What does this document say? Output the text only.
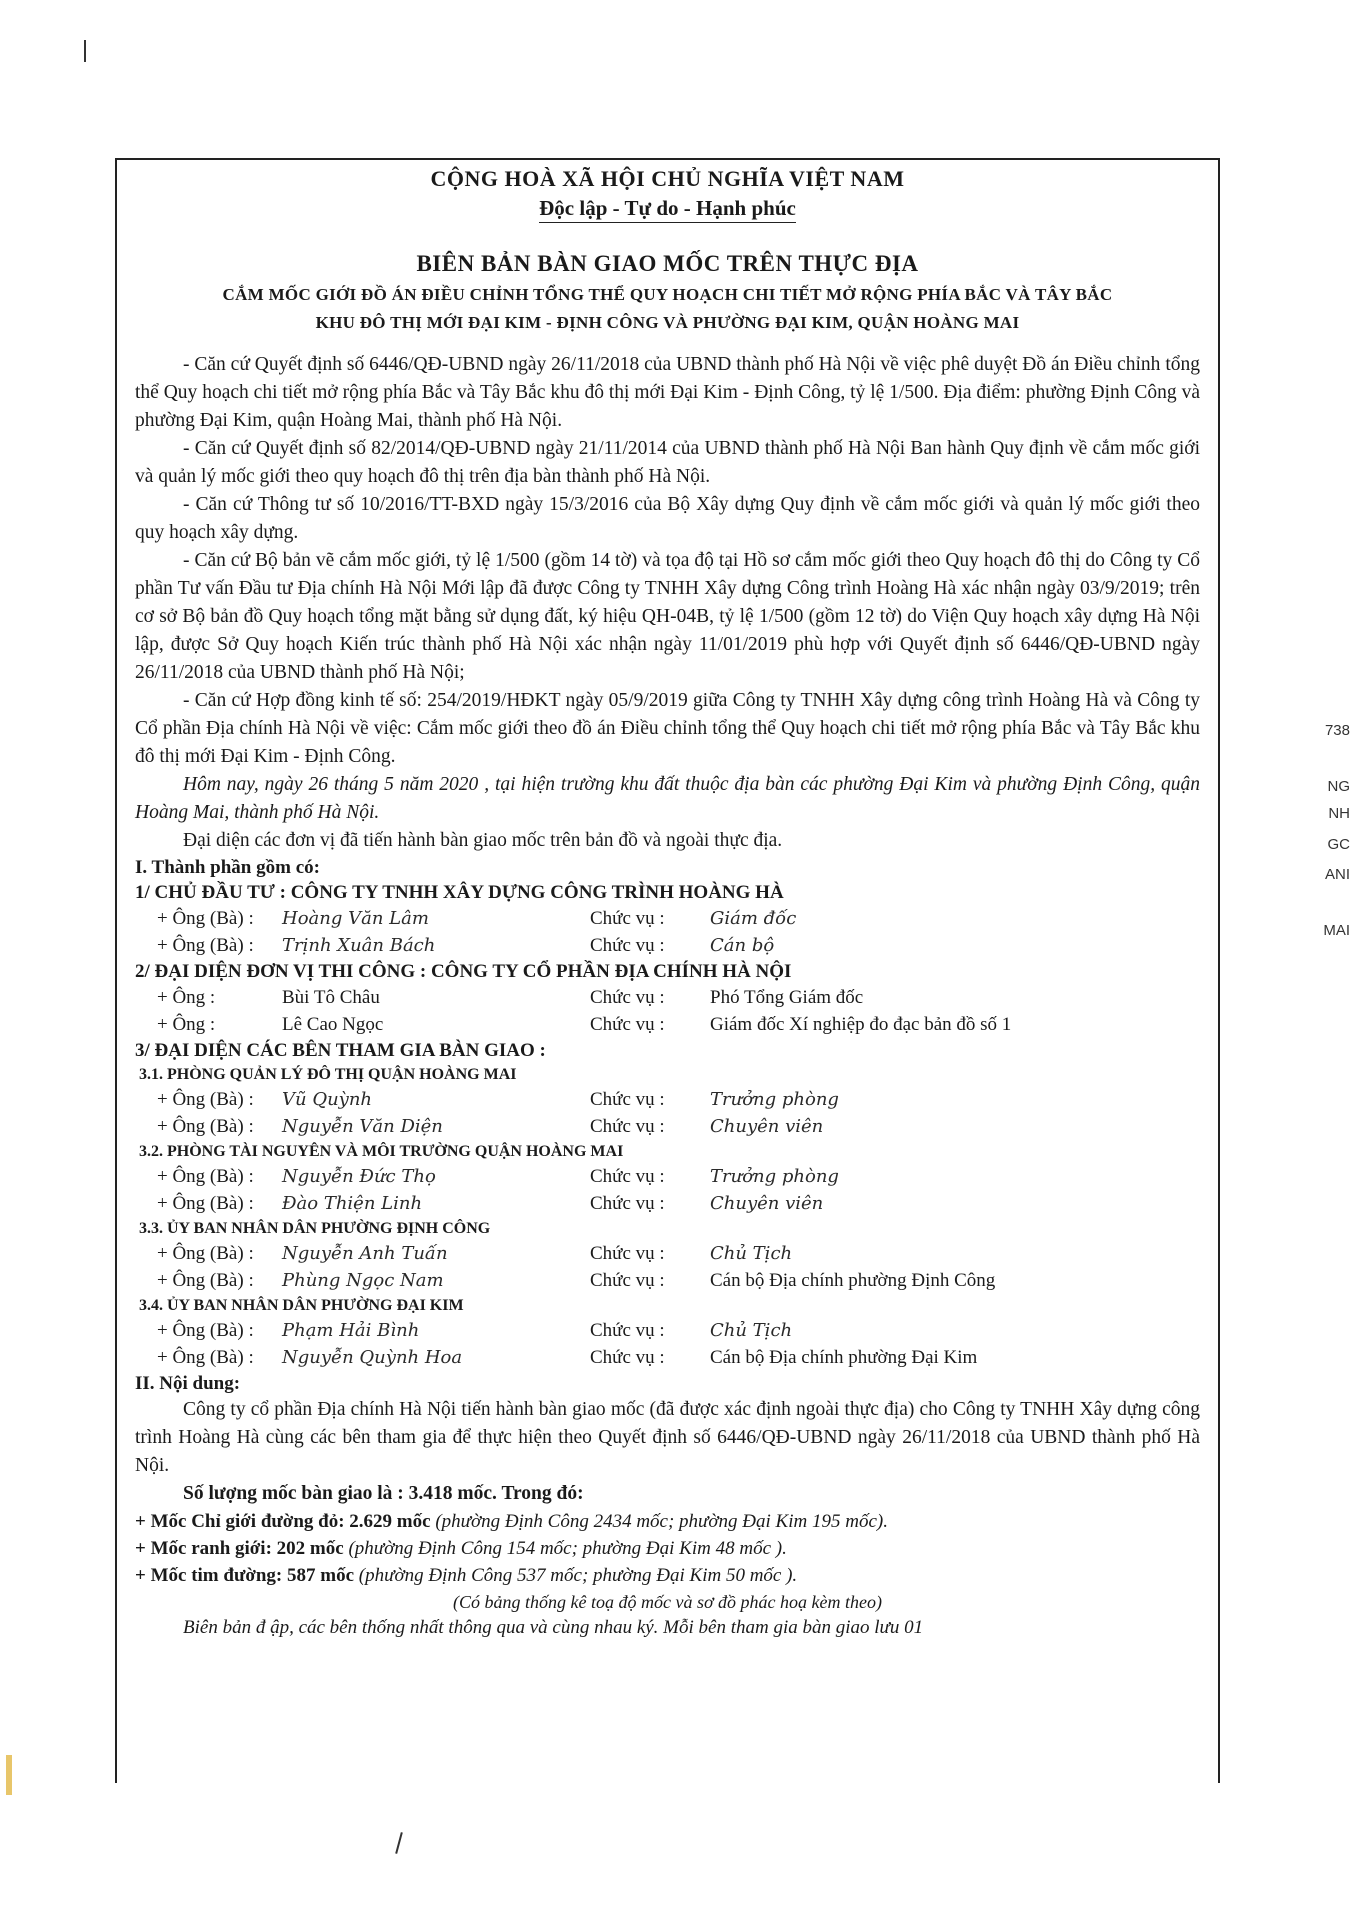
CỘNG HOÀ XÃ HỘI CHỦ NGHĨA VIỆT NAM
Độc lập - Tự do - Hạnh phúc
BIÊN BẢN BÀN GIAO MỐC TRÊN THỰC ĐỊA
CẮM MỐC GIỚI ĐỒ ÁN ĐIỀU CHỈNH TỔNG THỂ QUY HOẠCH CHI TIẾT MỞ RỘNG PHÍA BẮC VÀ TÂY BẮC
KHU ĐÔ THỊ MỚI ĐẠI KIM - ĐỊNH CÔNG VÀ PHƯỜNG ĐẠI KIM, QUẬN HOÀNG MAI

- Căn cứ Quyết định số 6446/QĐ-UBND ngày 26/11/2018 của UBND thành phố Hà Nội về việc phê duyệt Đồ án Điều chỉnh tổng thể Quy hoạch chi tiết mở rộng phía Bắc và Tây Bắc khu đô thị mới Đại Kim - Định Công, tỷ lệ 1/500. Địa điểm: phường Định Công và phường Đại Kim, quận Hoàng Mai, thành phố Hà Nội.

- Căn cứ Quyết định số 82/2014/QĐ-UBND ngày 21/11/2014 của UBND thành phố Hà Nội Ban hành Quy định về cắm mốc giới và quản lý mốc giới theo quy hoạch đô thị trên địa bàn thành phố Hà Nội.

- Căn cứ Thông tư số 10/2016/TT-BXD ngày 15/3/2016 của Bộ Xây dựng Quy định về cắm mốc giới và quản lý mốc giới theo quy hoạch xây dựng.

- Căn cứ Bộ bản vẽ cắm mốc giới, tỷ lệ 1/500 (gồm 14 tờ) và tọa độ tại Hồ sơ cắm mốc giới theo Quy hoạch đô thị do Công ty Cổ phần Tư vấn Đầu tư Địa chính Hà Nội Mới lập đã được Công ty TNHH Xây dựng Công trình Hoàng Hà xác nhận ngày 03/9/2019; trên cơ sở Bộ bản đồ Quy hoạch tổng mặt bằng sử dụng đất, ký hiệu QH-04B, tỷ lệ 1/500 (gồm 12 tờ) do Viện Quy hoạch xây dựng Hà Nội lập, được Sở Quy hoạch Kiến trúc thành phố Hà Nội xác nhận ngày 11/01/2019 phù hợp với Quyết định số 6446/QĐ-UBND ngày 26/11/2018 của UBND thành phố Hà Nội;

- Căn cứ Hợp đồng kinh tế số: 254/2019/HĐKT ngày 05/9/2019 giữa Công ty TNHH Xây dựng công trình Hoàng Hà và Công ty Cổ phần Địa chính Hà Nội về việc: Cắm mốc giới theo đồ án Điều chỉnh tổng thể Quy hoạch chi tiết mở rộng phía Bắc và Tây Bắc khu đô thị mới Đại Kim - Định Công.

Hôm nay, ngày 26 tháng 5 năm 2020 , tại hiện trường khu đất thuộc địa bàn các phường Đại Kim và phường Định Công, quận Hoàng Mai, thành phố Hà Nội.

Đại diện các đơn vị đã tiến hành bàn giao mốc trên bản đồ và ngoài thực địa.

I. Thành phần gồm có:
1/ CHỦ ĐẦU TƯ : CÔNG TY TNHH XÂY DỰNG CÔNG TRÌNH HOÀNG HÀ
+ Ông (Bà) :	Hoàng Văn Lâm	Chức vụ :	Giám đốc
+ Ông (Bà) :	Trịnh Xuân Bách	Chức vụ :	Cán bộ
2/ ĐẠI DIỆN ĐƠN VỊ THI CÔNG : CÔNG TY CỔ PHẦN ĐỊA CHÍNH HÀ NỘI
+ Ông :	Bùi Tô Châu	Chức vụ :	Phó Tổng Giám đốc
+ Ông :	Lê Cao Ngọc	Chức vụ :	Giám đốc Xí nghiệp đo đạc bản đồ số 1
3/ ĐẠI DIỆN CÁC BÊN THAM GIA BÀN GIAO :
3.1. PHÒNG QUẢN LÝ ĐÔ THỊ QUẬN HOÀNG MAI
+ Ông (Bà) :	Vũ Quỳnh	Chức vụ :	Trưởng phòng
+ Ông (Bà) :	Nguyễn Văn Diện	Chức vụ :	Chuyên viên
3.2. PHÒNG TÀI NGUYÊN VÀ MÔI TRƯỜNG QUẬN HOÀNG MAI
+ Ông (Bà) :	Nguyễn Đức Thọ	Chức vụ :	Trưởng phòng
+ Ông (Bà) :	Đào Thiện Linh	Chức vụ :	Chuyên viên
3.3. ỦY BAN NHÂN DÂN PHƯỜNG ĐỊNH CÔNG
+ Ông (Bà) :	Nguyễn Anh Tuấn	Chức vụ :	Chủ Tịch
+ Ông (Bà) :	Phùng Ngọc Nam	Chức vụ :	Cán bộ Địa chính phường Định Công
3.4. ỦY BAN NHÂN DÂN PHƯỜNG ĐẠI KIM
+ Ông (Bà) :	Phạm Hải Bình	Chức vụ :	Chủ Tịch
+ Ông (Bà) :	Nguyễn Quỳnh Hoa	Chức vụ :	Cán bộ Địa chính phường Đại Kim
II. Nội dung:

Công ty cổ phần Địa chính Hà Nội tiến hành bàn giao mốc (đã được xác định ngoài thực địa) cho Công ty TNHH Xây dựng công trình Hoàng Hà cùng các bên tham gia để thực hiện theo Quyết định số 6446/QĐ-UBND ngày 26/11/2018 của UBND thành phố Hà Nội.

Số lượng mốc bàn giao là : 3.418 mốc. Trong đó:

+ Mốc Chỉ giới đường đỏ: 2.629 mốc
(phường Định Công 2434 mốc; phường Đại Kim 195 mốc).
+ Mốc ranh giới: 202 mốc
(phường Định Công 154 mốc; phường Đại Kim 48 mốc ).
+ Mốc tim đường: 587 mốc
(phường Định Công 537 mốc; phường Đại Kim 50 mốc ).
(Có bảng thống kê toạ độ mốc và sơ đồ phác hoạ kèm theo)
Biên bản đ ập, các bên thống nhất thông qua và cùng nhau ký. Mỗi bên tham gia bàn giao lưu 01
738
NG
NH
GC
ANI
MAI
